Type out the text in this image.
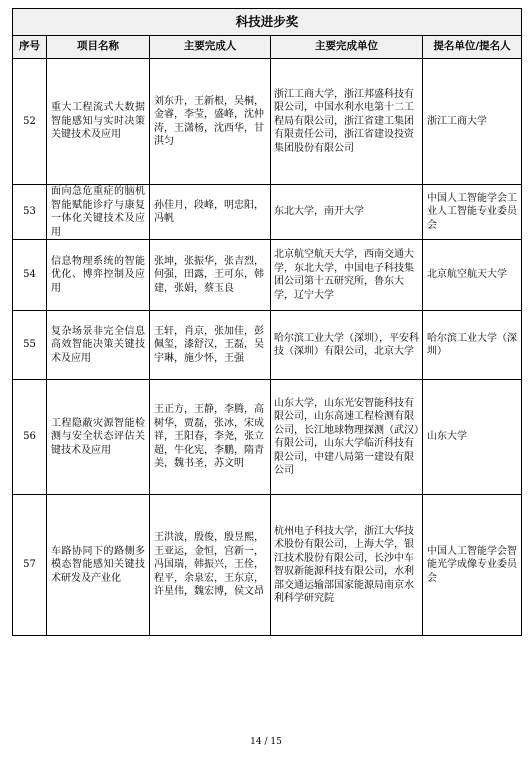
科技进步奖				
序号	项目名称	主要完成人	主要完成单位	提名单位/提名人
52	重大工程流式大数据智能感知与实时决策关键技术及应用	刘东升，王新根，吴桐，金睿，李莹，盛峰，沈仲涛，王潇杨，沈西华，甘淇匀	浙江工商大学，浙江邦盛科技有限公司，中国水利水电第十二工程局有限公司，浙江省建工集团有限责任公司，浙江省建设投资集团股份有限公司	浙江工商大学
53	面向急危重症的脑机智能赋能诊疗与康复一体化关键技术及应用	孙佳月，段峰，明忠阳，冯帆	东北大学，南开大学	中国人工智能学会工业人工智能专业委员会
54	信息物理系统的智能优化、博弈控制及应用	张坤，张振华，张吉烈，何强，田露，王可东，韩建，张娟，蔡玉良	北京航空航天大学，西南交通大学，东北大学，中国电子科技集团公司第十五研究所，鲁东大学，辽宁大学	北京航空航天大学
55	复杂场景非完全信息高效智能决策关键技术及应用	王轩，肖京，张加佳，彭佩玺，漆舒汉，王磊，吴宇琳，施少怀，王强	哈尔滨工业大学（深圳），平安科技（深圳）有限公司，北京大学	哈尔滨工业大学（深圳）
56	工程隐蔽灾源智能检测与安全状态评估关键技术及应用	王正方，王静，李腾，高树华，贾磊，张冰，宋成祥，王阳春，李尧，张立超，牛化宪，李鹏，隋青美，魏书圣，苏文明	山东大学，山东光安智能科技有限公司，山东高速工程检测有限公司，长江地球物理探测（武汉）有限公司，山东大学临沂科技有限公司，中建八局第一建设有限公司	山东大学
57	车路协同下的路侧多模态智能感知关键技术研发及产业化	王洪波，殷俊，殷昱熙，王亚运，金恒，宫新一，冯国瑞，韩振兴，王佺，程平，余泉宏，王东京，许星伟，魏宏博，侯文昂	杭州电子科技大学，浙江大华技术股份有限公司，上海大学，银江技术股份有限公司，长沙中车智驭新能源科技有限公司，水利部交通运输部国家能源局南京水利科学研究院	中国人工智能学会智能光学成像专业委员会
14 / 15
